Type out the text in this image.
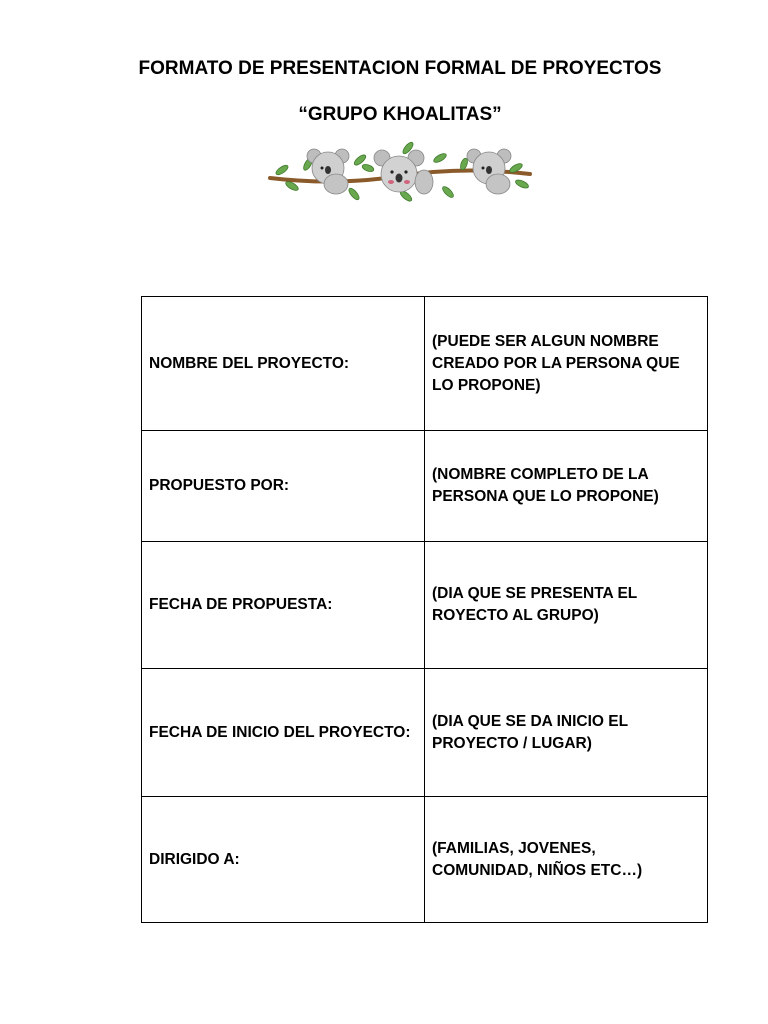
FORMATO DE PRESENTACION FORMAL DE PROYECTOS
“GRUPO KHOALITAS”
NOMBRE DEL PROYECTO:	(PUEDE SER ALGUN NOMBRE CREADO POR LA PERSONA QUE LO PROPONE)
PROPUESTO POR:	(NOMBRE COMPLETO DE LA PERSONA QUE LO PROPONE)
FECHA DE PROPUESTA:	(DIA QUE SE PRESENTA EL ROYECTO AL GRUPO)
FECHA DE INICIO DEL PROYECTO:	(DIA QUE SE DA INICIO EL PROYECTO / LUGAR)
DIRIGIDO A:	(FAMILIAS, JOVENES, COMUNIDAD, NIÑOS ETC…)
